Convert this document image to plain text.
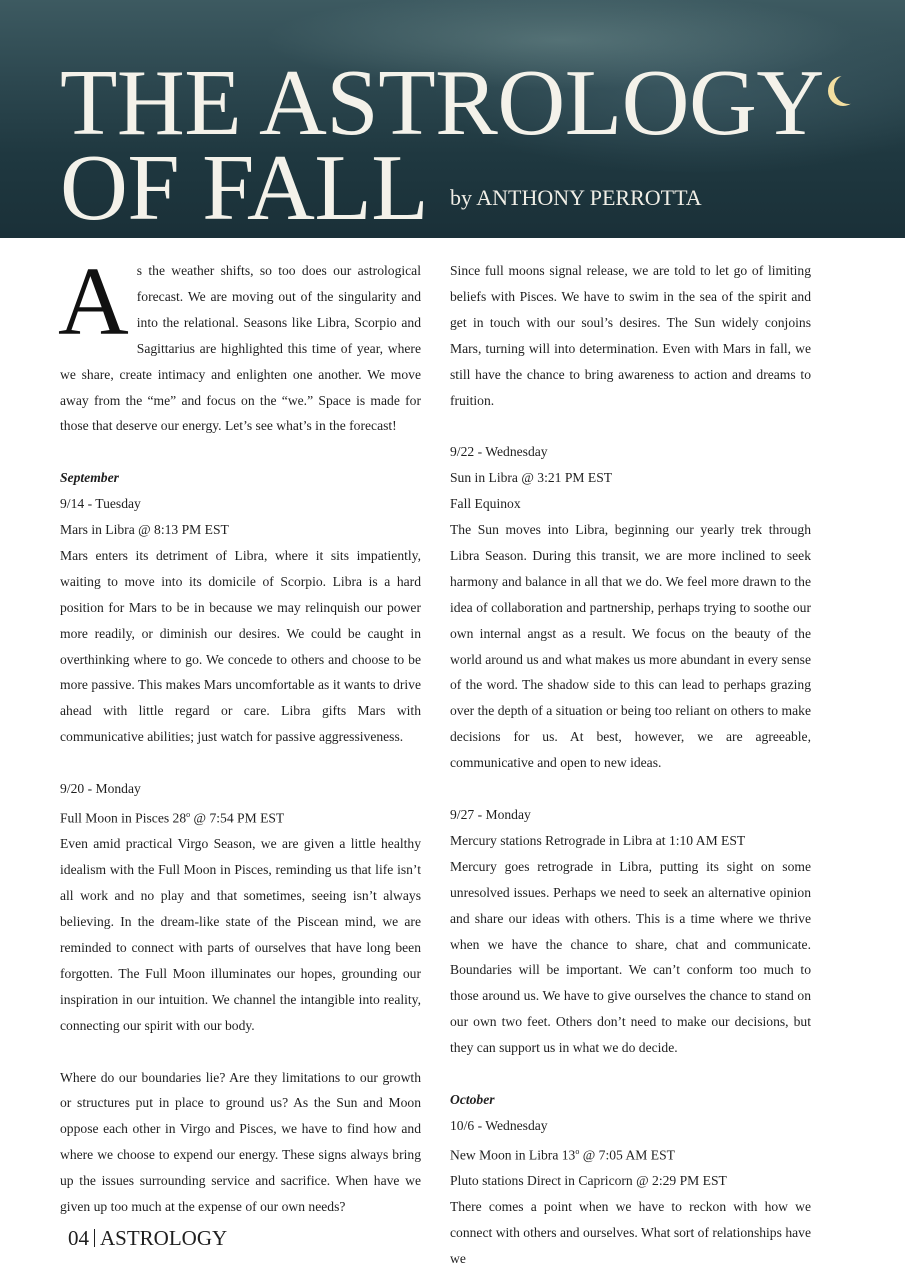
THE ASTROLOGY
OF FALL by ANTHONY PERROTTA

As the weather shifts, so too does our astrological forecast. We are moving out of the singularity and into the relational. Seasons like Libra, Scorpio and Sagittarius are highlighted this time of year, where we share, create intimacy and enlighten one another. We move away from the “me” and focus on the “we.” Space is made for those that deserve our energy. Let’s see what’s in the forecast!

September

9/14 - Tuesday

Mars in Libra @ 8:13 PM EST

Mars enters its detriment of Libra, where it sits impatiently, waiting to move into its domicile of Scorpio. Libra is a hard position for Mars to be in because we may relinquish our power more readily, or diminish our desires. We could be caught in overthinking where to go. We concede to others and choose to be more passive. This makes Mars uncomfortable as it wants to drive ahead with little regard or care. Libra gifts Mars with communicative abilities; just watch for passive aggressiveness.

9/20 - Monday

Full Moon in Pisces 28$^o$ @ 7:54 PM EST

Even amid practical Virgo Season, we are given a little healthy idealism with the Full Moon in Pisces, reminding us that life isn’t all work and no play and that sometimes, seeing isn’t always believing. In the dream-like state of the Piscean mind, we are reminded to connect with parts of ourselves that have long been forgotten. The Full Moon illuminates our hopes, grounding our inspiration in our intuition. We channel the intangible into reality, connecting our spirit with our body.

Where do our boundaries lie? Are they limitations to our growth or structures put in place to ground us? As the Sun and Moon oppose each other in Virgo and Pisces, we have to find how and where we choose to expend our energy. These signs always bring up the issues surrounding service and sacrifice. When have we given up too much at the expense of our own needs?

Since full moons signal release, we are told to let go of limiting beliefs with Pisces. We have to swim in the sea of the spirit and get in touch with our soul’s desires. The Sun widely conjoins Mars, turning will into determination. Even with Mars in fall, we still have the chance to bring awareness to action and dreams to fruition.

9/22 - Wednesday

Sun in Libra @ 3:21 PM EST

Fall Equinox

The Sun moves into Libra, beginning our yearly trek through Libra Season. During this transit, we are more inclined to seek harmony and balance in all that we do. We feel more drawn to the idea of collaboration and partnership, perhaps trying to soothe our own internal angst as a result. We focus on the beauty of the world around us and what makes us more abundant in every sense of the word. The shadow side to this can lead to perhaps grazing over the depth of a situation or being too reliant on others to make decisions for us. At best, however, we are agreeable, communicative and open to new ideas.

9/27 - Monday

Mercury stations Retrograde in Libra at 1:10 AM EST

Mercury goes retrograde in Libra, putting its sight on some unresolved issues. Perhaps we need to seek an alternative opinion and share our ideas with others. This is a time where we thrive when we have the chance to share, chat and communicate. Boundaries will be important. We can’t conform too much to those around us. We have to give ourselves the chance to stand on our own two feet. Others don’t need to make our decisions, but they can support us in what we do decide.

October

10/6 - Wednesday

New Moon in Libra 13$^o$ @ 7:05 AM EST

Pluto stations Direct in Capricorn @ 2:29 PM EST

There comes a point when we have to reckon with how we connect with others and ourselves. What sort of relationships have we

04 ASTROLOGY
